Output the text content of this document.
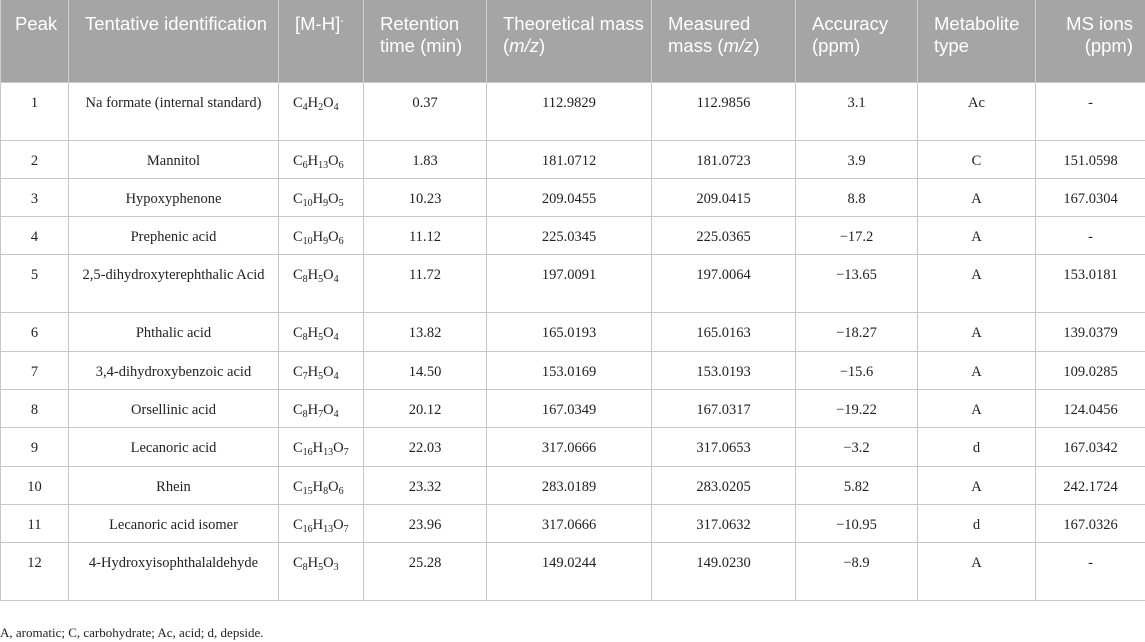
Peak	Tentative identification	[M-H]-	Retention time (min)	Theoretical mass (m/z)	Measured mass (m/z)	Accuracy (ppm)	Metabolite type	MS ions (ppm)
1	Na formate (internal standard)	$C_4H_2O_4$	0.37	112.9829	112.9856	3.1	Ac	-
2	Mannitol	$C_6H_{13}O_6$	1.83	181.0712	181.0723	3.9	C	151.0598
3	Hypoxyphenone	$C_{10}H_9O_5$	10.23	209.0455	209.0415	8.8	A	167.0304
4	Prephenic acid	$C_{10}H_9O_6$	11.12	225.0345	225.0365	−17.2	A	-
5	2,5-dihydroxyterephthalic Acid	$C_8H_5O_4$	11.72	197.0091	197.0064	−13.65	A	153.0181
6	Phthalic acid	$C_8H_5O_4$	13.82	165.0193	165.0163	−18.27	A	139.0379
7	3,4-dihydroxybenzoic acid	$C_7H_5O_4$	14.50	153.0169	153.0193	−15.6	A	109.0285
8	Orsellinic acid	$C_8H_7O_4$	20.12	167.0349	167.0317	−19.22	A	124.0456
9	Lecanoric acid	$C_{16}H_{13}O_7$	22.03	317.0666	317.0653	−3.2	d	167.0342
10	Rhein	$C_{15}H_8O_6$	23.32	283.0189	283.0205	5.82	A	242.1724
11	Lecanoric acid isomer	$C_{16}H_{13}O_7$	23.96	317.0666	317.0632	−10.95	d	167.0326
12	4-Hydroxyisophthalaldehyde	$C_8H_5O_3$	25.28	149.0244	149.0230	−8.9	A	-
A, aromatic; C, carbohydrate; Ac, acid; d, depside.
